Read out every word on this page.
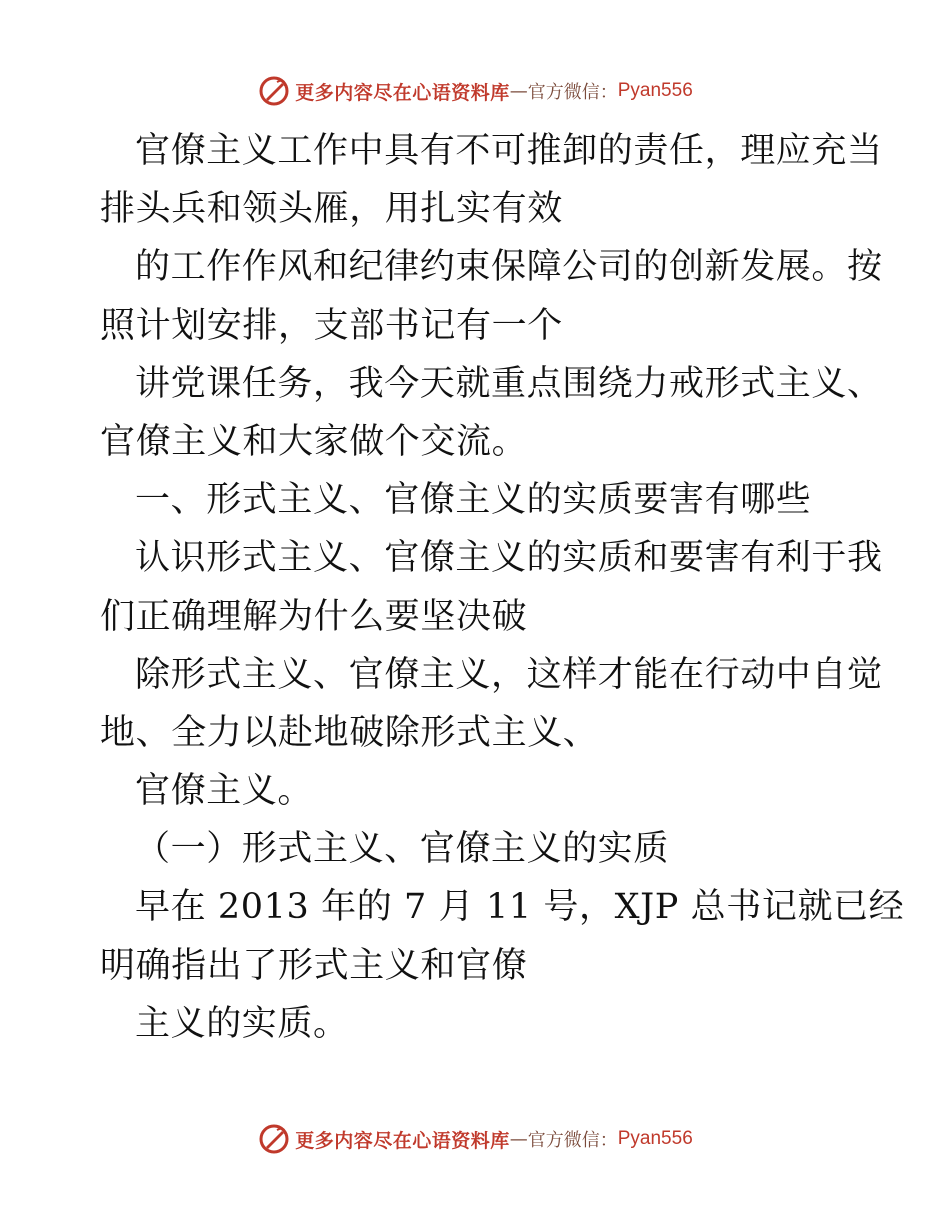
更多内容尽在心语资料库 — 官方微信： Pyan556
官僚主义工作中具有不可推卸的责任，理应充当
排头兵和领头雁，用扎实有效
的工作作风和纪律约束保障公司的创新发展。按
照计划安排，支部书记有一个
讲党课任务，我今天就重点围绕力戒形式主义、
官僚主义和大家做个交流。
一、形式主义、官僚主义的实质要害有哪些
认识形式主义、官僚主义的实质和要害有利于我
们正确理解为什么要坚决破
除形式主义、官僚主义，这样才能在行动中自觉
地、全力以赴地破除形式主义、
官僚主义。
（一）形式主义、官僚主义的实质
早在 2013 年的 7 月 11 号，XJP 总书记就已经
明确指出了形式主义和官僚
主义的实质。
更多内容尽在心语资料库 — 官方微信： Pyan556
